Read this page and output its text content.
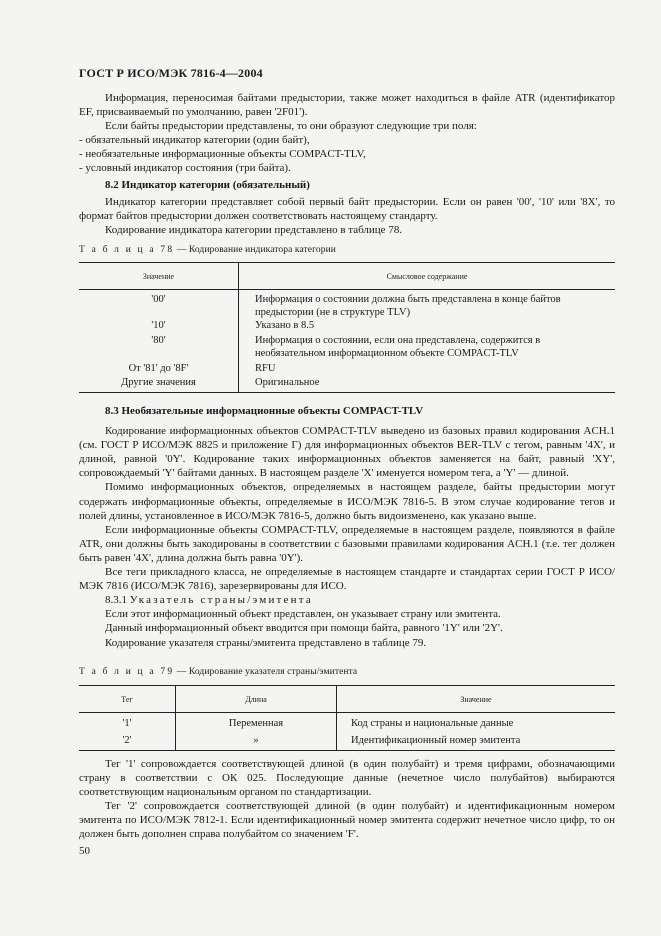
ГОСТ Р ИСО/МЭК 7816-4—2004

Информация, переносимая байтами предыстории, также может находиться в файле ATR (идентификатор EF, присваиваемый по умолчанию, равен '2F01').

Если байты предыстории представлены, то они образуют следующие три поля:

- обязательный индикатор категории (один байт),

- необязательные информационные объекты COMPACT-TLV,

- условный индикатор состояния (три байта).

8.2 Индикатор категории (обязательный)

Индикатор категории представляет собой первый байт предыстории. Если он равен '00', '10' или '8X', то формат байтов предыстории должен соответствовать настоящему стандарту.

Кодирование индикатора категории представлено в таблице 78.

Т а б л и ц а 78 — Кодирование индикатора категории
Значение	Смысловое содержание
'00'	Информация о состоянии должна быть представлена в конце байтов предыстории (не в структуре TLV)
'10'	Указано в 8.5
'80'	Информация о состоянии, если она представлена, содержится в необязательном информационном объекте COMPACT-TLV
От '81' до '8F'	RFU
Другие значения	Оригинальное

8.3 Необязательные информационные объекты COMPACT-TLV

Кодирование информационных объектов COMPACT-TLV выведено из базовых правил кодирования ACH.1 (см. ГОСТ Р ИСО/МЭК 8825 и приложение Г) для информационных объектов BER-TLV с тегом, равным '4X', и длиной, равной '0Y'. Кодирование таких информационных объектов заменяется на байт, равный 'XY', сопровождаемый 'Y' байтами данных. В настоящем разделе 'X' именуется номером тега, а 'Y' — длиной.

Помимо информационных объектов, определяемых в настоящем разделе, байты предыстории могут содержать информационные объекты, определяемые в ИСО/МЭК 7816-5. В этом случае кодирование тегов и полей длины, установленное в ИСО/МЭК 7816-5, должно быть видоизменено, как указано выше.

Если информационные объекты COMPACT-TLV, определяемые в настоящем разделе, появляются в файле ATR, они должны быть закодированы в соответствии с базовыми правилами кодирования ACH.1 (т.е. тег должен быть равен '4X', длина должна быть равна '0Y').

Все теги прикладного класса, не определяемые в настоящем стандарте и стандартах серии ГОСТ Р ИСО/МЭК 7816 (ИСО/МЭК 7816), зарезервированы для ИСО.

8.3.1 Указатель страны/эмитента

Если этот информационный объект представлен, он указывает страну или эмитента.

Данный информационный объект вводится при помощи байта, равного '1Y' или '2Y'.

Кодирование указателя страны/эмитента представлено в таблице 79.

Т а б л и ц а 79 — Кодирование указателя страны/эмитента
Тег	Длина	Значение
'1'	Переменная	Код страны и национальные данные
'2'	»	Идентификационный номер эмитента

Тег '1' сопровождается соответствующей длиной (в один полубайт) и тремя цифрами, обозначающими страну в соответствии с ОК 025. Последующие данные (нечетное число полубайтов) выбираются соответствующим национальным органом по стандартизации.

Тег '2' сопровождается соответствующей длиной (в один полубайт) и идентификационным номером эмитента по ИСО/МЭК 7812-1. Если идентификационный номер эмитента содержит нечетное число цифр, то он должен быть дополнен справа полубайтом со значением 'F'.

50
